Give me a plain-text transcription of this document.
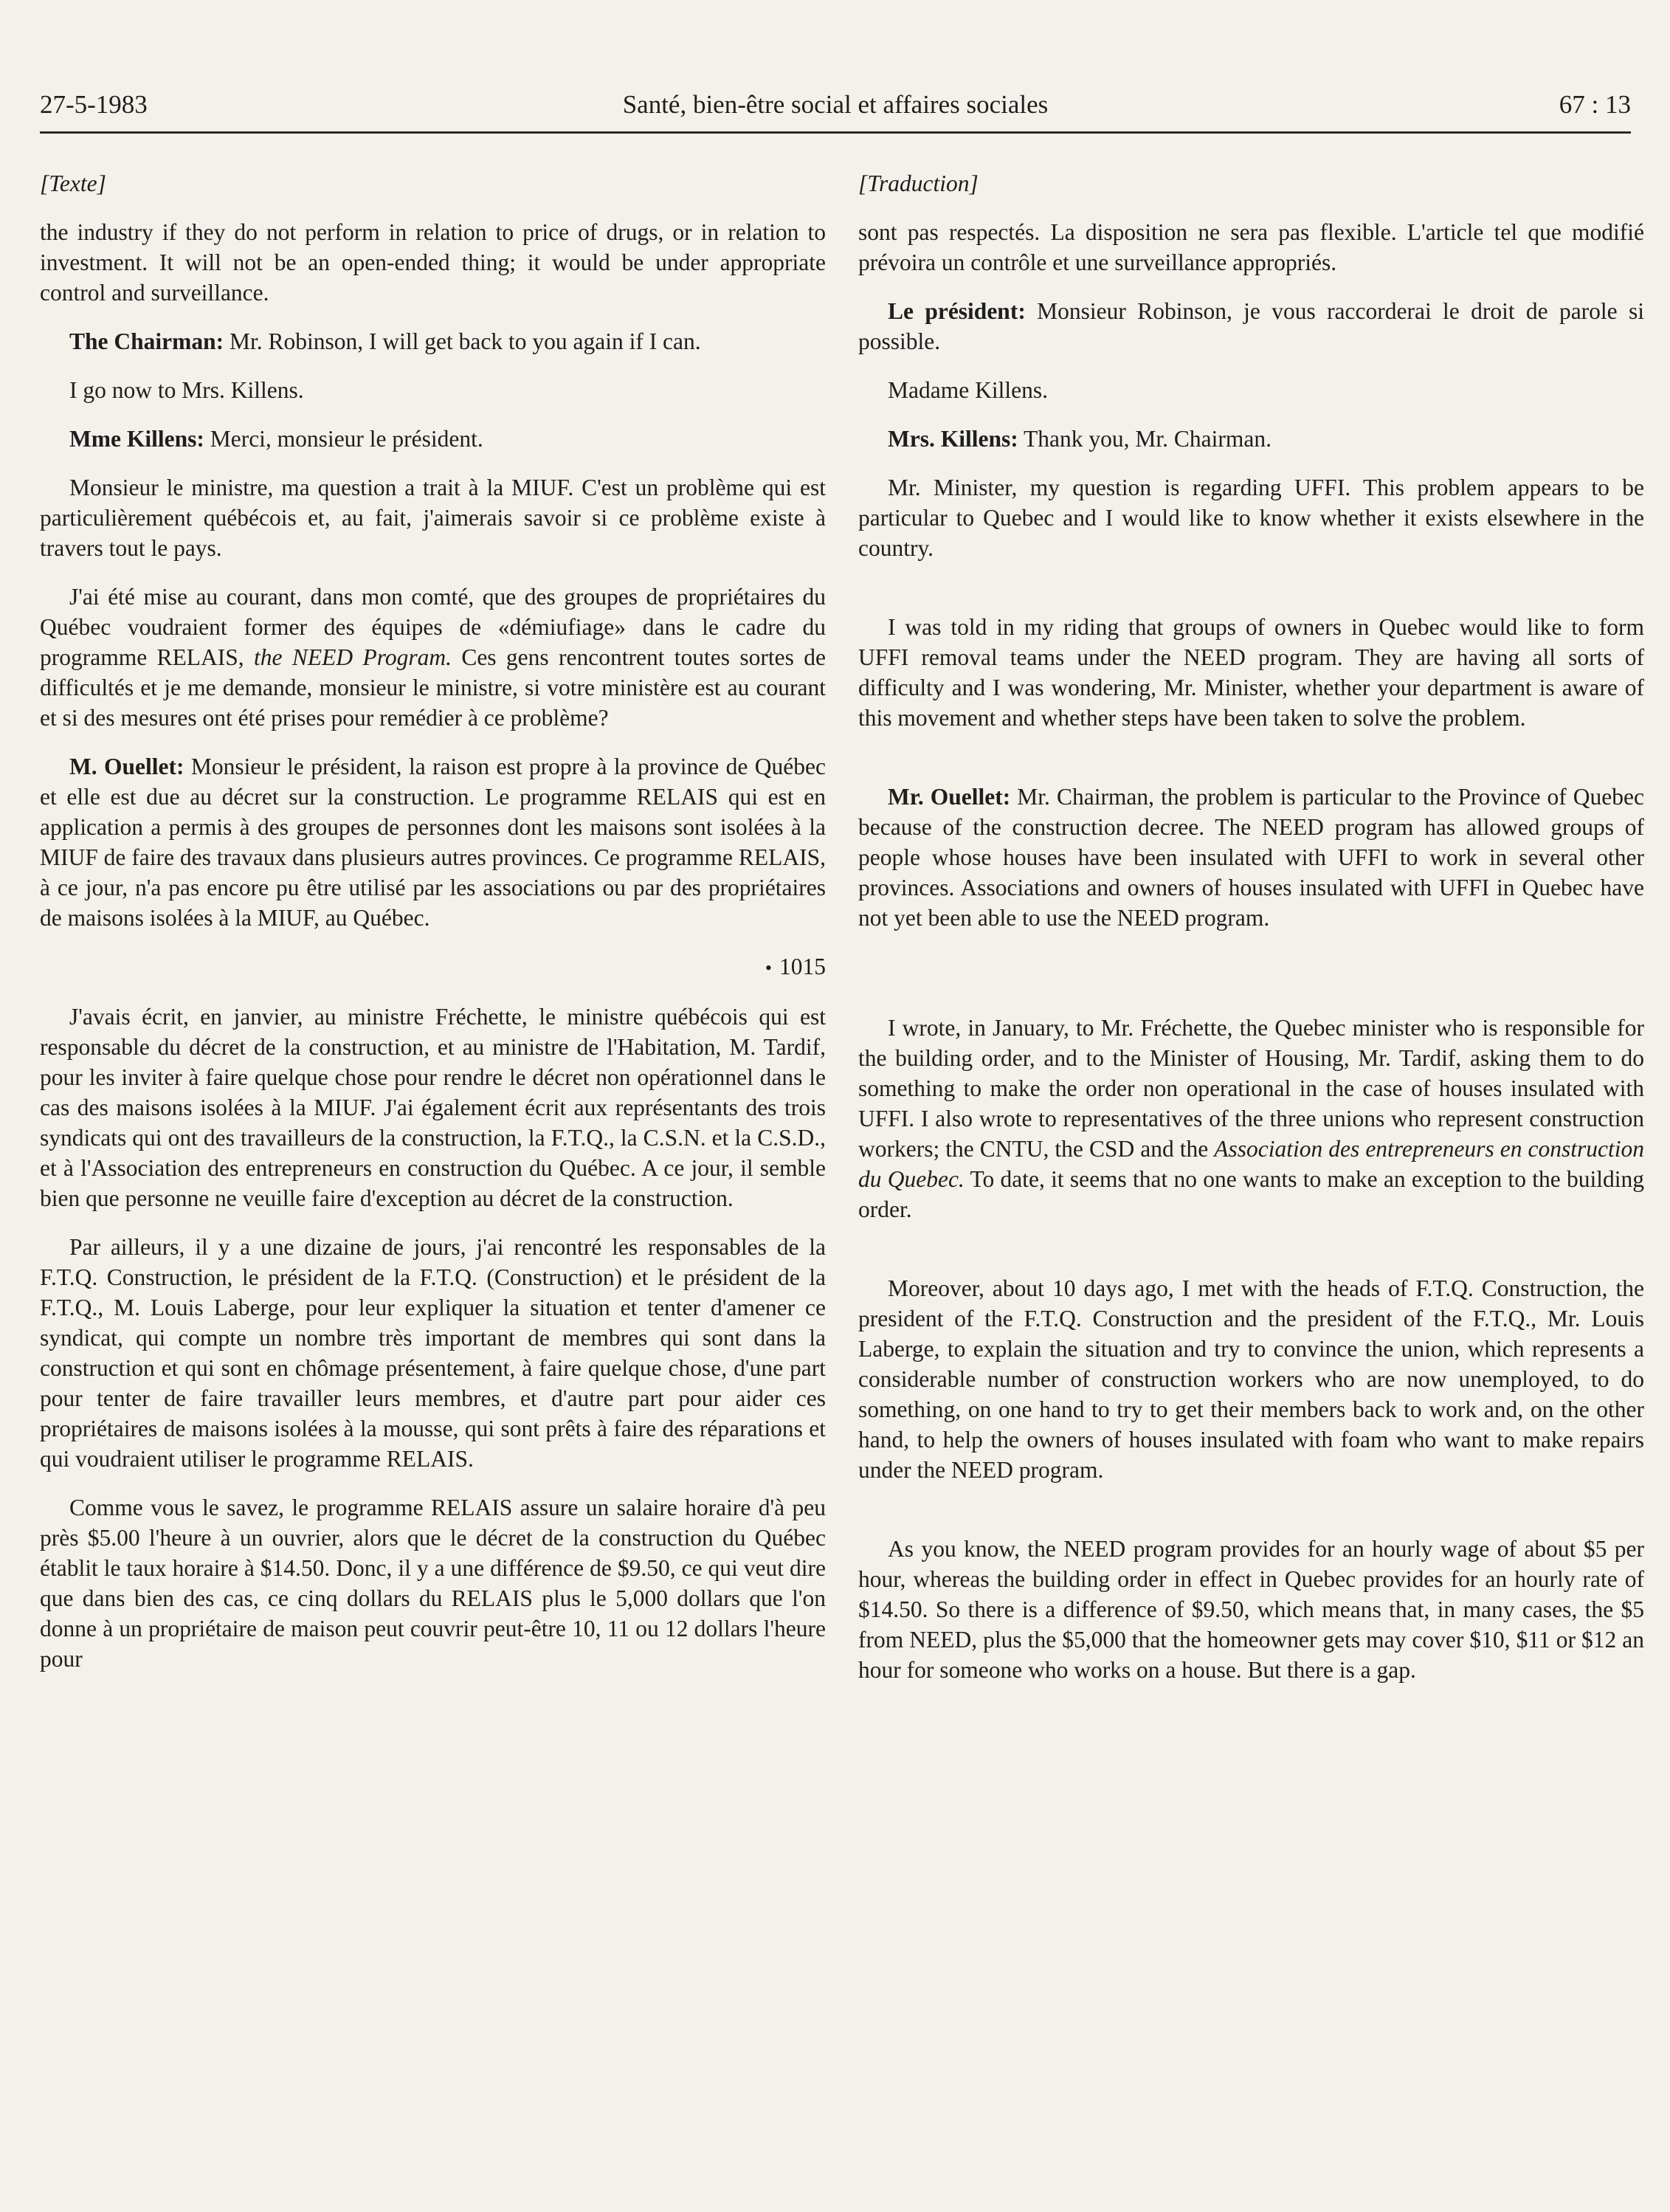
27-5-1983	Santé, bien-être social et affaires sociales	67 : 13

[Texte]

the industry if they do not perform in relation to price of drugs, or in relation to investment. It will not be an open-ended thing; it would be under appropriate control and surveillance.

The Chairman: Mr. Robinson, I will get back to you again if I can.

I go now to Mrs. Killens.

Mme Killens: Merci, monsieur le président.

Monsieur le ministre, ma question a trait à la MIUF. C'est un problème qui est particulièrement québécois et, au fait, j'aimerais savoir si ce problème existe à travers tout le pays.

J'ai été mise au courant, dans mon comté, que des groupes de propriétaires du Québec voudraient former des équipes de «démiufiage» dans le cadre du programme RELAIS, the NEED Program. Ces gens rencontrent toutes sortes de difficultés et je me demande, monsieur le ministre, si votre ministère est au courant et si des mesures ont été prises pour remédier à ce problème?

M. Ouellet: Monsieur le président, la raison est propre à la province de Québec et elle est due au décret sur la construction. Le programme RELAIS qui est en application a permis à des groupes de personnes dont les maisons sont isolées à la MIUF de faire des travaux dans plusieurs autres provinces. Ce programme RELAIS, à ce jour, n'a pas encore pu être utilisé par les associations ou par des propriétaires de maisons isolées à la MIUF, au Québec.

• 1015

J'avais écrit, en janvier, au ministre Fréchette, le ministre québécois qui est responsable du décret de la construction, et au ministre de l'Habitation, M. Tardif, pour les inviter à faire quelque chose pour rendre le décret non opérationnel dans le cas des maisons isolées à la MIUF. J'ai également écrit aux représentants des trois syndicats qui ont des travailleurs de la construction, la F.T.Q., la C.S.N. et la C.S.D., et à l'Association des entrepreneurs en construction du Québec. A ce jour, il semble bien que personne ne veuille faire d'exception au décret de la construction.

Par ailleurs, il y a une dizaine de jours, j'ai rencontré les responsables de la F.T.Q. Construction, le président de la F.T.Q. (Construction) et le président de la F.T.Q., M. Louis Laberge, pour leur expliquer la situation et tenter d'amener ce syndicat, qui compte un nombre très important de membres qui sont dans la construction et qui sont en chômage présentement, à faire quelque chose, d'une part pour tenter de faire travailler leurs membres, et d'autre part pour aider ces propriétaires de maisons isolées à la mousse, qui sont prêts à faire des réparations et qui voudraient utiliser le programme RELAIS.

Comme vous le savez, le programme RELAIS assure un salaire horaire d'à peu près $5.00 l'heure à un ouvrier, alors que le décret de la construction du Québec établit le taux horaire à $14.50. Donc, il y a une différence de $9.50, ce qui veut dire que dans bien des cas, ce cinq dollars du RELAIS plus le 5,000 dollars que l'on donne à un propriétaire de maison peut couvrir peut-être 10, 11 ou 12 dollars l'heure pour

[Traduction]

sont pas respectés. La disposition ne sera pas flexible. L'article tel que modifié prévoira un contrôle et une surveillance appropriés.

Le président: Monsieur Robinson, je vous raccorderai le droit de parole si possible.

Madame Killens.

Mrs. Killens: Thank you, Mr. Chairman.

Mr. Minister, my question is regarding UFFI. This problem appears to be particular to Quebec and I would like to know whether it exists elsewhere in the country.

I was told in my riding that groups of owners in Quebec would like to form UFFI removal teams under the NEED program. They are having all sorts of difficulty and I was wondering, Mr. Minister, whether your department is aware of this movement and whether steps have been taken to solve the problem.

Mr. Ouellet: Mr. Chairman, the problem is particular to the Province of Quebec because of the construction decree. The NEED program has allowed groups of people whose houses have been insulated with UFFI to work in several other provinces. Associations and owners of houses insulated with UFFI in Quebec have not yet been able to use the NEED program.

I wrote, in January, to Mr. Fréchette, the Quebec minister who is responsible for the building order, and to the Minister of Housing, Mr. Tardif, asking them to do something to make the order non operational in the case of houses insulated with UFFI. I also wrote to representatives of the three unions who represent construction workers; the CNTU, the CSD and the Association des entrepreneurs en construction du Quebec. To date, it seems that no one wants to make an exception to the building order.

Moreover, about 10 days ago, I met with the heads of F.T.Q. Construction, the president of the F.T.Q. Construction and the president of the F.T.Q., Mr. Louis Laberge, to explain the situation and try to convince the union, which represents a considerable number of construction workers who are now unemployed, to do something, on one hand to try to get their members back to work and, on the other hand, to help the owners of houses insulated with foam who want to make repairs under the NEED program.

As you know, the NEED program provides for an hourly wage of about $5 per hour, whereas the building order in effect in Quebec provides for an hourly rate of $14.50. So there is a difference of $9.50, which means that, in many cases, the $5 from NEED, plus the $5,000 that the homeowner gets may cover $10, $11 or $12 an hour for someone who works on a house. But there is a gap.
